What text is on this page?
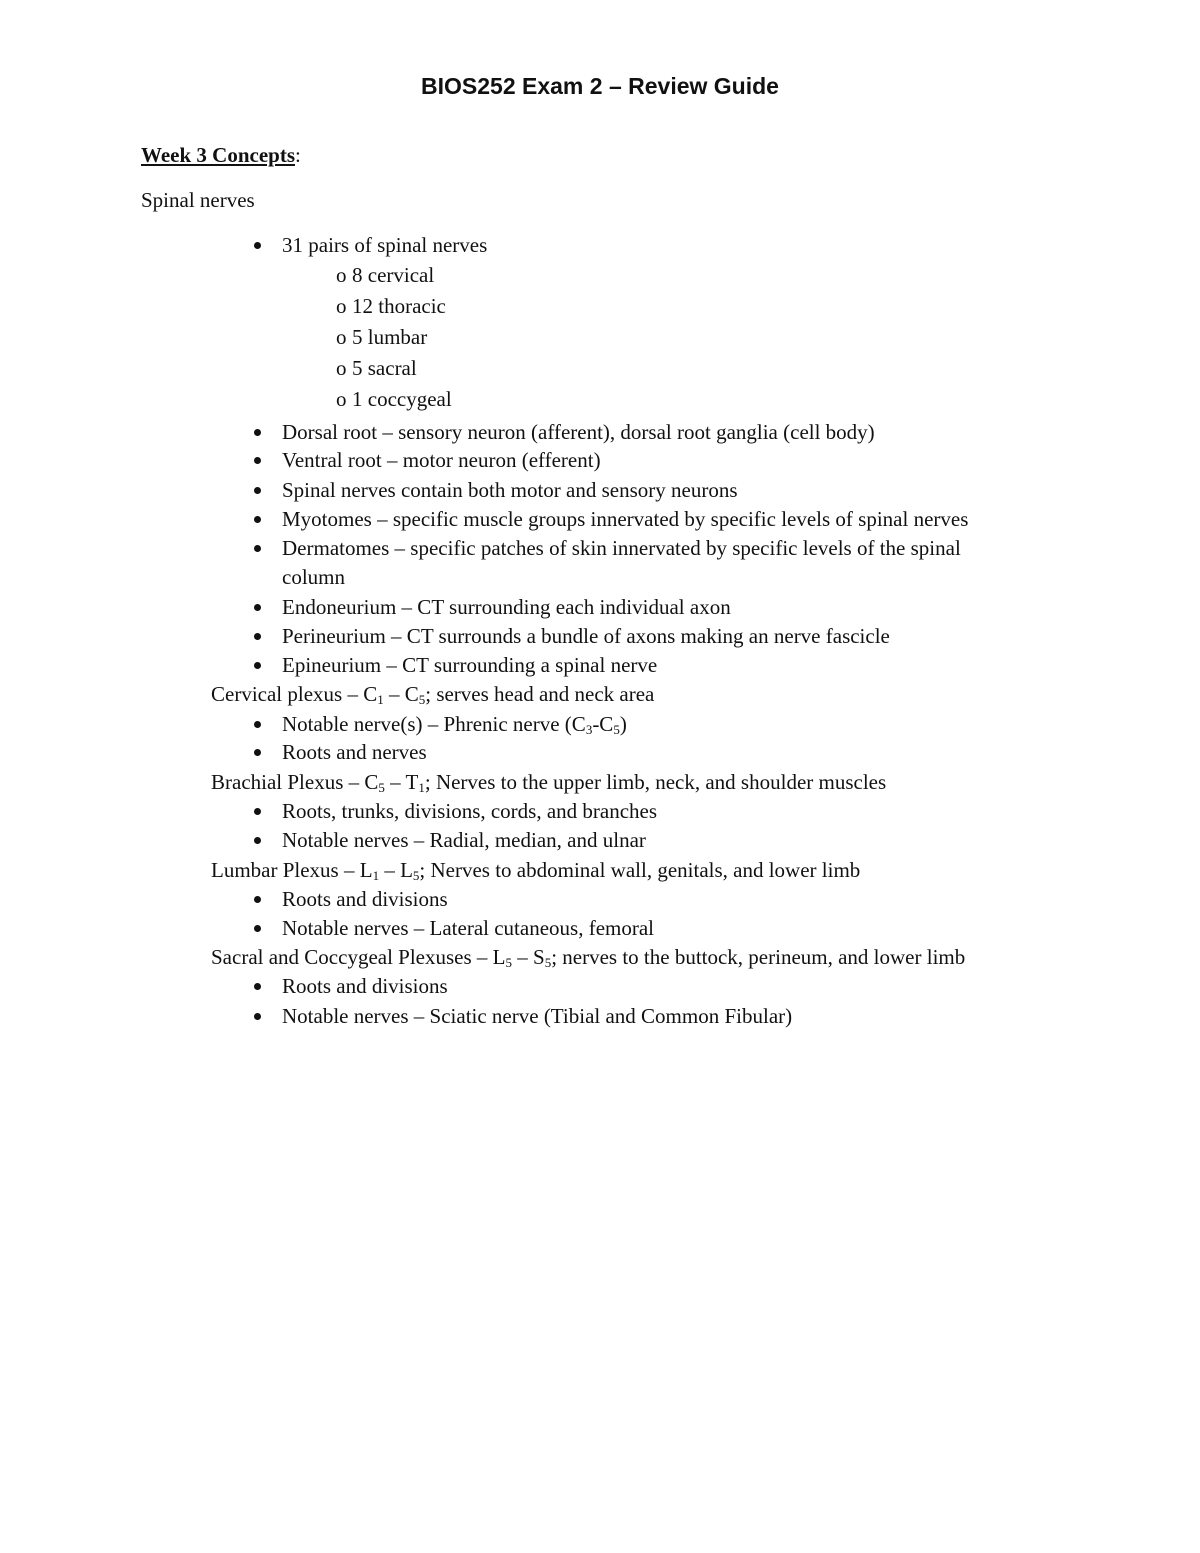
BIOS252 Exam 2 – Review Guide
Week 3 Concepts:
Spinal nerves
31 pairs of spinal nerves
o 8 cervical
o 12 thoracic
o 5 lumbar
o 5 sacral
o 1 coccygeal
Dorsal root – sensory neuron (afferent), dorsal root ganglia (cell body)
Ventral root – motor neuron (efferent)
Spinal nerves contain both motor and sensory neurons
Myotomes – specific muscle groups innervated by specific levels of spinal nerves
Dermatomes – specific patches of skin innervated by specific levels of the spinal
column
Endoneurium – CT surrounding each individual axon
Perineurium – CT surrounds a bundle of axons making an nerve fascicle
Epineurium – CT surrounding a spinal nerve
Cervical plexus – $C_1 - C_5$; serves head and neck area
Notable nerve(s) – Phrenic nerve $(C_3-C_5)$
Roots and nerves
Brachial Plexus – $C_5 - T_1$; Nerves to the upper limb, neck, and shoulder muscles
Roots, trunks, divisions, cords, and branches
Notable nerves – Radial, median, and ulnar
Lumbar Plexus – $L_1 - L_5$; Nerves to abdominal wall, genitals, and lower limb
Roots and divisions
Notable nerves – Lateral cutaneous, femoral
Sacral and Coccygeal Plexuses – $L_5 - S_5$; nerves to the buttock, perineum, and lower limb
Roots and divisions
Notable nerves – Sciatic nerve (Tibial and Common Fibular)
